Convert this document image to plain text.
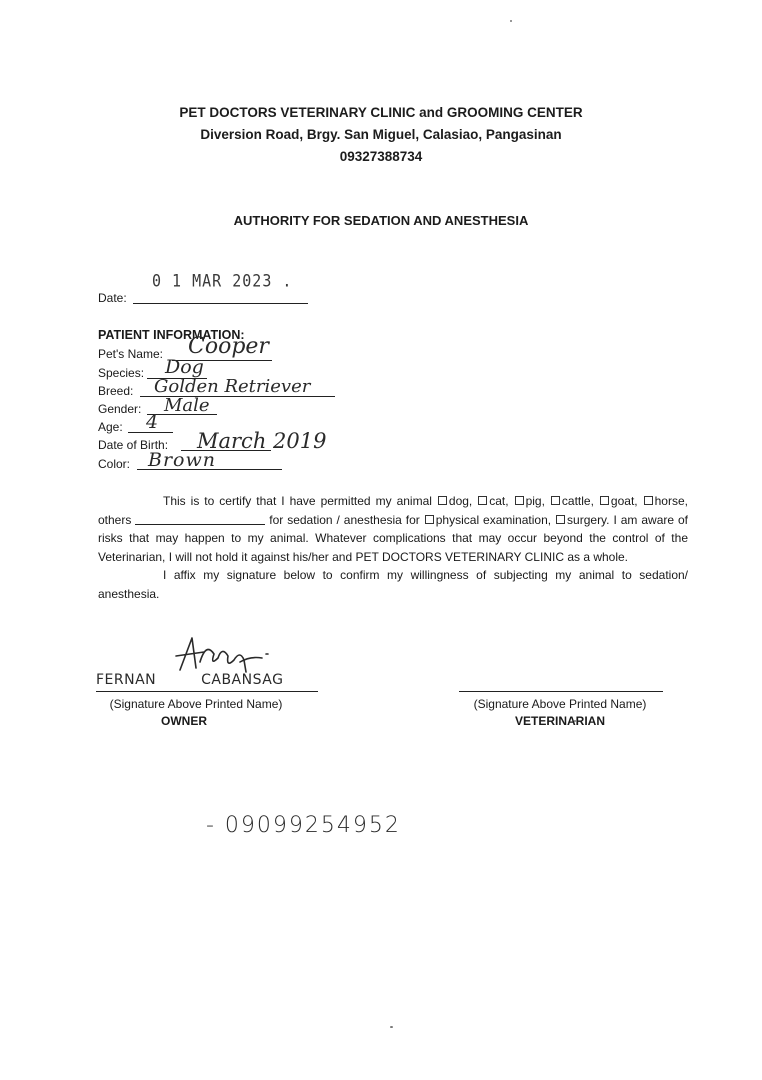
PET DOCTORS VETERINARY CLINIC and GROOMING CENTER
Diversion Road, Brgy. San Miguel, Calasiao, Pangasinan
09327388734
AUTHORITY FOR SEDATION AND ANESTHESIA
0 1 MAR 2023 .
Date:
PATIENT INFORMATION:
Pet's Name: Cooper
Species: Dog
Breed: Golden Retriever
Gender: Male
Age: 4
Date of Birth: March 2019
Color: Brown

This is to certify that I have permitted my animal dog, cat, pig, cattle, goat, horse, others	for sedation / anesthesia for physical examination, surgery. I am aware of risks that may happen to my animal. Whatever complications that may occur beyond the control of the Veterinarian, I will not hold it against his/her and PET DOCTORS VETERINARY CLINIC as a whole.

I affix my signature below to confirm my willingness of subjecting my animal to sedation/ anesthesia.

FERNAN CABANSAG
(Signature Above Printed Name)
OWNER
(Signature Above Printed Name)
VETERINARIAN
- 09099254952
